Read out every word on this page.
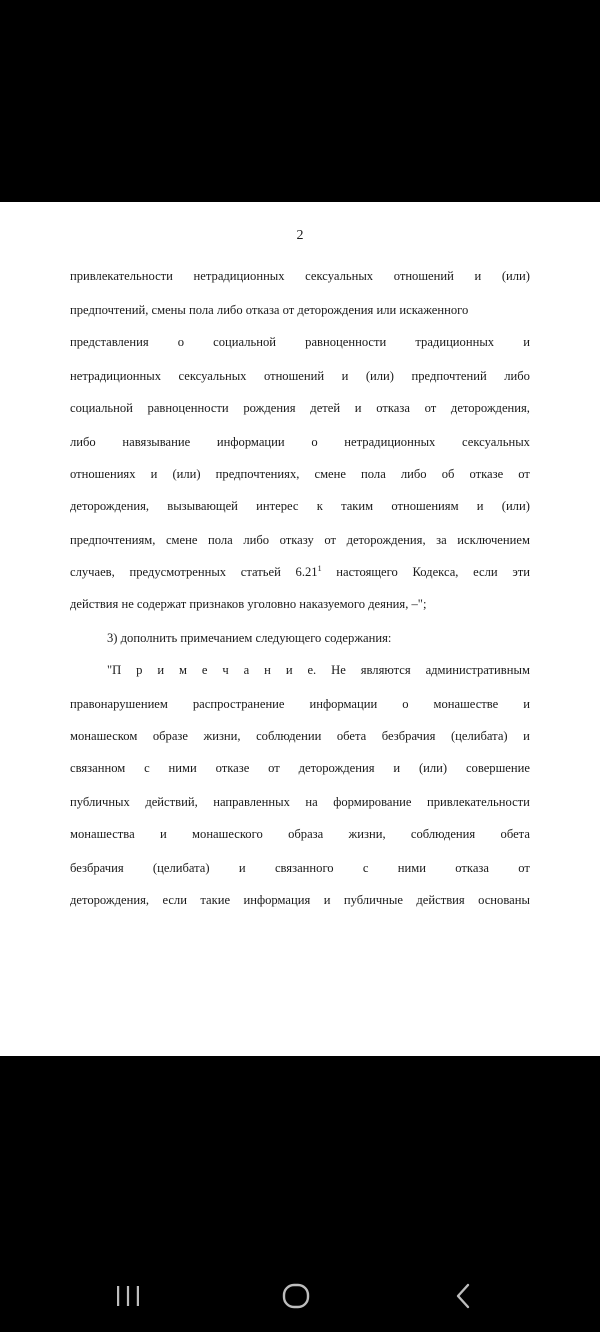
2
привлекательности нетрадиционных сексуальных отношений и (или)
предпочтений, смены пола либо отказа от деторождения или искаженного
представления о социальной равноценности традиционных и
нетрадиционных сексуальных отношений и (или) предпочтений либо
социальной равноценности рождения детей и отказа от деторождения,
либо навязывание информации о нетрадиционных сексуальных
отношениях и (или) предпочтениях, смене пола либо об отказе от
деторождения, вызывающей интерес к таким отношениям и (или)
предпочтениям, смене пола либо отказу от деторождения, за исключением
случаев, предусмотренных статьей 6.21$^1$ настоящего Кодекса, если эти
действия не содержат признаков уголовно наказуемого деяния, –";
3) дополнить примечанием следующего содержания:
"П р и м е ч а н и е. Не являются административным
правонарушением распространение информации о монашестве и
монашеском образе жизни, соблюдении обета безбрачия (целибата) и
связанном с ними отказе от деторождения и (или) совершение
публичных действий, направленных на формирование привлекательности
монашества и монашеского образа жизни, соблюдения обета
безбрачия (целибата) и связанного с ними отказа от
деторождения, если такие информация и публичные действия основаны
